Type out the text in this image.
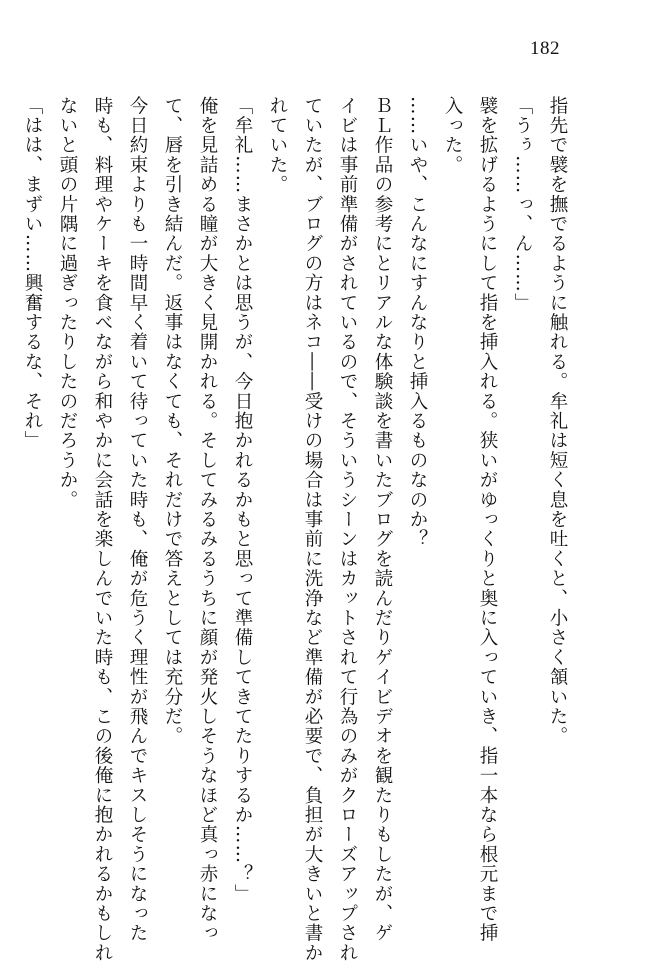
182
指先で襞を撫でるように触れる。牟礼は短く息を吐くと、小さく頷いた。
「うぅ……っ、ん……」
襞を拡げるようにして指を挿入れる。狭いがゆっくりと奥に入っていき、指一本なら根元まで挿
入った。
……いや、こんなにすんなりと挿入るものなのか？
ＢＬ作品の参考にとリアルな体験談を書いたブログを読んだりゲイビデオを観たりもしたが、ゲ
イビは事前準備がされているので、そういうシーンはカットされて行為のみがクローズアップされ
ていたが、ブログの方はネコ――受けの場合は事前に洗浄など準備が必要で、負担が大きいと書か
れていた。
「牟礼……まさかとは思うが、今日抱かれるかもと思って準備してきてたりするか……？」
俺を見詰める瞳が大きく見開かれる。そしてみるみるうちに顔が発火しそうなほど真っ赤になっ
て、唇を引き結んだ。返事はなくても、それだけで答えとしては充分だ。
今日約束よりも一時間早く着いて待っていた時も、俺が危うく理性が飛んでキスしそうになった
時も、料理やケーキを食べながら和やかに会話を楽しんでいた時も、この後俺に抱かれるかもしれ
ないと頭の片隅に過ぎったりしたのだろうか。
「はは、まずい……興奮するな、それ」
